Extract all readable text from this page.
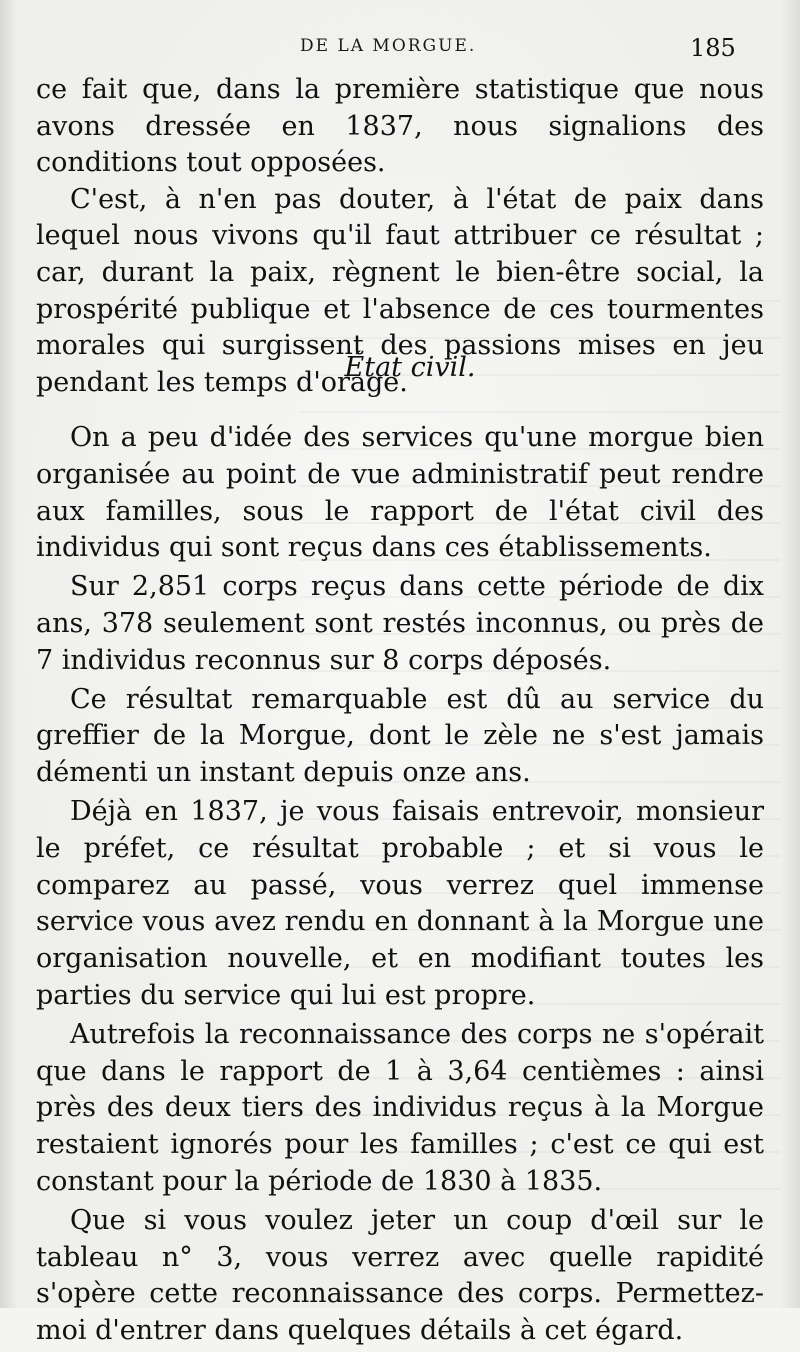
DE LA MORGUE.	185

ce fait que, dans la première statistique que nous avons dressée en 1837, nous signalions des conditions tout opposées.

C'est, à n'en pas douter, à l'état de paix dans lequel nous vivons qu'il faut attribuer ce résultat ; car, durant la paix, règnent le bien-être social, la prospérité publique et l'absence de ces tourmentes morales qui surgissent des passions mises en jeu pendant les temps d'orage.

État civil.

On a peu d'idée des services qu'une morgue bien organisée au point de vue administratif peut rendre aux familles, sous le rapport de l'état civil des individus qui sont reçus dans ces établissements.

Sur 2,851 corps reçus dans cette période de dix ans, 378 seulement sont restés inconnus, ou près de 7 individus reconnus sur 8 corps déposés.

Ce résultat remarquable est dû au service du greffier de la Morgue, dont le zèle ne s'est jamais démenti un instant depuis onze ans.

Déjà en 1837, je vous faisais entrevoir, monsieur le préfet, ce résultat probable ; et si vous le comparez au passé, vous verrez quel immense service vous avez rendu en donnant à la Morgue une organisation nouvelle, et en modifiant toutes les parties du service qui lui est propre.

Autrefois la reconnaissance des corps ne s'opérait que dans le rapport de 1 à 3,64 centièmes : ainsi près des deux tiers des individus reçus à la Morgue restaient ignorés pour les familles ; c'est ce qui est constant pour la période de 1830 à 1835.

Que si vous voulez jeter un coup d'œil sur le tableau n° 3, vous verrez avec quelle rapidité s'opère cette reconnaissance des corps. Permettez-moi d'entrer dans quelques détails à cet égard.
